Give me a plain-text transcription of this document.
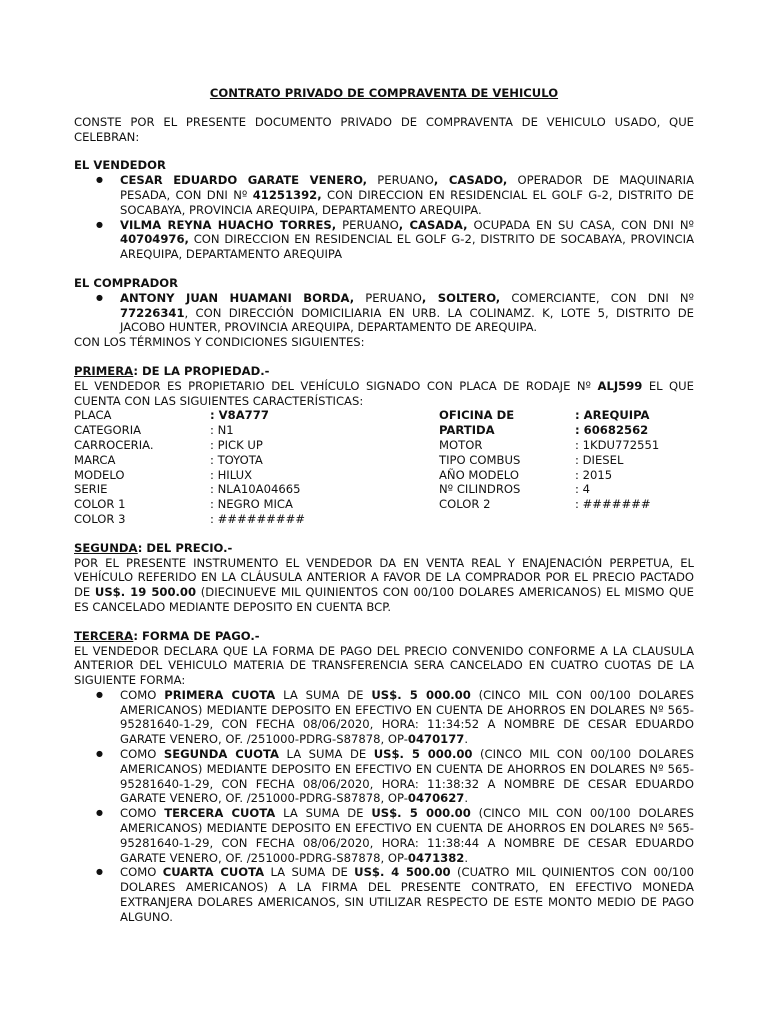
CONTRATO PRIVADO DE COMPRAVENTA DE VEHICULO

CONSTE POR EL PRESENTE DOCUMENTO PRIVADO DE COMPRAVENTA DE VEHICULO USADO, QUE CELEBRAN:

EL VENDEDOR
● CESAR EDUARDO GARATE VENERO, PERUANO, CASADO, OPERADOR DE MAQUINARIA PESADA, CON DNI Nº 41251392, CON DIRECCION EN RESIDENCIAL EL GOLF G-2, DISTRITO DE SOCABAYA, PROVINCIA AREQUIPA, DEPARTAMENTO AREQUIPA.
● VILMA REYNA HUACHO TORRES, PERUANO, CASADA, OCUPADA EN SU CASA, CON DNI Nº 40704976, CON DIRECCION EN RESIDENCIAL EL GOLF G-2, DISTRITO DE SOCABAYA, PROVINCIA AREQUIPA, DEPARTAMENTO AREQUIPA
EL COMPRADOR
● ANTONY JUAN HUAMANI BORDA, PERUANO, SOLTERO, COMERCIANTE, CON DNI Nº 77226341, CON DIRECCIÓN DOMICILIARIA EN URB. LA COLINAMZ. K, LOTE 5, DISTRITO DE JACOBO HUNTER, PROVINCIA AREQUIPA, DEPARTAMENTO DE AREQUIPA.

CON LOS TÉRMINOS Y CONDICIONES SIGUIENTES:

PRIMERA: DE LA PROPIEDAD.-

EL VENDEDOR ES PROPIETARIO DEL VEHÍCULO SIGNADO CON PLACA DE RODAJE Nº ALJ599 EL QUE CUENTA CON LAS SIGUIENTES CARACTERÍSTICAS:

PLACA	: V8A777	OFICINA DE	: AREQUIPA
CATEGORIA	: N1	PARTIDA	: 60682562
CARROCERIA.	: PICK UP	MOTOR	: 1KDU772551
MARCA	: TOYOTA	TIPO COMBUS	: DIESEL
MODELO	: HILUX	AÑO MODELO	: 2015
SERIE	: NLA10A04665	Nº CILINDROS	: 4
COLOR 1	: NEGRO MICA	COLOR 2	: #######
COLOR 3	: #########		
SEGUNDA: DEL PRECIO.-

POR EL PRESENTE INSTRUMENTO EL VENDEDOR DA EN VENTA REAL Y ENAJENACIÓN PERPETUA, EL VEHÍCULO REFERIDO EN LA CLÁUSULA ANTERIOR A FAVOR DE LA COMPRADOR POR EL PRECIO PACTADO DE US$. 19 500.00 (DIECINUEVE MIL QUINIENTOS CON 00/100 DOLARES AMERICANOS) EL MISMO QUE ES CANCELADO MEDIANTE DEPOSITO EN CUENTA BCP.

TERCERA: FORMA DE PAGO.-

EL VENDEDOR DECLARA QUE LA FORMA DE PAGO DEL PRECIO CONVENIDO CONFORME A LA CLAUSULA ANTERIOR DEL VEHICULO MATERIA DE TRANSFERENCIA SERA CANCELADO EN CUATRO CUOTAS DE LA SIGUIENTE FORMA:

● COMO PRIMERA CUOTA LA SUMA DE US$. 5 000.00 (CINCO MIL CON 00/100 DOLARES AMERICANOS) MEDIANTE DEPOSITO EN EFECTIVO EN CUENTA DE AHORROS EN DOLARES Nº 565-95281640-1-29, CON FECHA 08/06/2020, HORA: 11:34:52 A NOMBRE DE CESAR EDUARDO GARATE VENERO, OF. /251000-PDRG-S87878, OP-0470177.
● COMO SEGUNDA CUOTA LA SUMA DE US$. 5 000.00 (CINCO MIL CON 00/100 DOLARES AMERICANOS) MEDIANTE DEPOSITO EN EFECTIVO EN CUENTA DE AHORROS EN DOLARES Nº 565-95281640-1-29, CON FECHA 08/06/2020, HORA: 11:38:32 A NOMBRE DE CESAR EDUARDO GARATE VENERO, OF. /251000-PDRG-S87878, OP-0470627.
● COMO TERCERA CUOTA LA SUMA DE US$. 5 000.00 (CINCO MIL CON 00/100 DOLARES AMERICANOS) MEDIANTE DEPOSITO EN EFECTIVO EN CUENTA DE AHORROS EN DOLARES Nº 565-95281640-1-29, CON FECHA 08/06/2020, HORA: 11:38:44 A NOMBRE DE CESAR EDUARDO GARATE VENERO, OF. /251000-PDRG-S87878, OP-0471382.
● COMO CUARTA CUOTA LA SUMA DE US$. 4 500.00 (CUATRO MIL QUINIENTOS CON 00/100 DOLARES AMERICANOS) A LA FIRMA DEL PRESENTE CONTRATO, EN EFECTIVO MONEDA EXTRANJERA DOLARES AMERICANOS, SIN UTILIZAR RESPECTO DE ESTE MONTO MEDIO DE PAGO ALGUNO.
